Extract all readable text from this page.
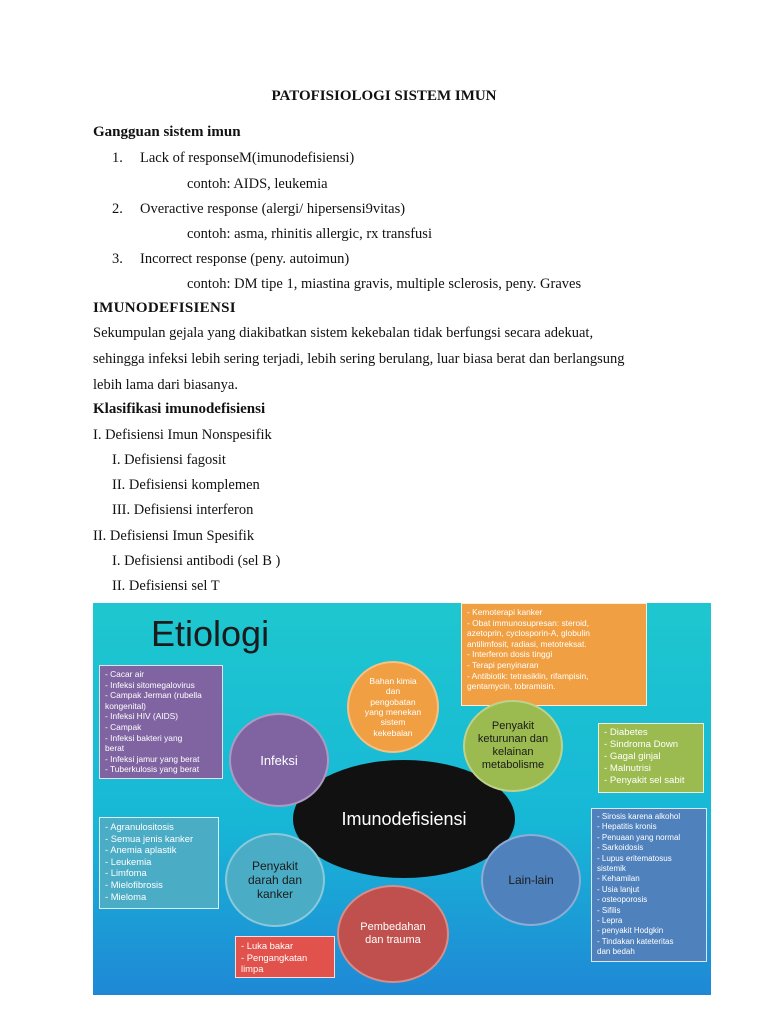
PATOFISIOLOGI SISTEM IMUN
Gangguan sistem imun
1. Lack of responseM(imunodefisiensi)
contoh: AIDS, leukemia
2. Overactive response (alergi/ hipersensi9vitas)
contoh: asma, rhinitis allergic, rx transfusi
3. Incorrect response (peny. autoimun)
contoh: DM tipe 1, miastina gravis, multiple sclerosis, peny. Graves
IMUNODEFISIENSI
Sekumpulan gejala yang diakibatkan sistem kekebalan tidak berfungsi secara adekuat,
sehingga infeksi lebih sering terjadi, lebih sering berulang, luar biasa berat dan berlangsung
lebih lama dari biasanya.
Klasifikasi imunodefisiensi
I. Defisiensi Imun Nonspesifik
I. Defisiensi fagosit
II. Defisiensi komplemen
III. Defisiensi interferon
II. Defisiensi Imun Spesifik
I. Defisiensi antibodi (sel B )
II. Defisiensi sel T
Etiologi
- Kemoterapi kanker
- Obat immunosupresan: steroid,
azetoprin, cyclosporin-A, globulin
antilimfosit, radiasi, metotreksat.
- Interferon dosis tinggi
- Terapi penyinaran
- Antibiotik: tetrasiklin, rifampisin,
gentamycin, tobramisin.
- Cacar air
- Infeksi sitomegalovirus
- Campak Jerman (rubella
kongenital)
- Infeksi HIV (AIDS)
- Campak
- Infeksi bakteri yang
berat
- Infeksi jamur yang berat
- Tuberkulosis yang berat
- Diabetes
- Sindroma Down
- Gagal ginjal
- Malnutrisi
- Penyakit sel sabit
- Sirosis karena alkohol
- Hepatitis kronis
- Penuaan yang normal
- Sarkoidosis
- Lupus eritematosus
sistemik
- Kehamilan
- Usia lanjut
- osteoporosis
- Sifilis
- Lepra
- penyakit Hodgkin
- Tindakan kateteritas
dan bedah
- Agranulositosis
- Semua jenis kanker
- Anemia aplastik
- Leukemia
- Limfoma
- Mielofibrosis
- Mieloma
- Luka bakar
- Pengangkatan
limpa
Imunodefisiensi
Bahan kimia
dan
pengobatan
yang menekan
sistem
kekebalan
Penyakit
keturunan dan
kelainan
metabolisme
Infeksi
Lain-lain
Penyakit
darah dan
kanker
Pembedahan
dan trauma
